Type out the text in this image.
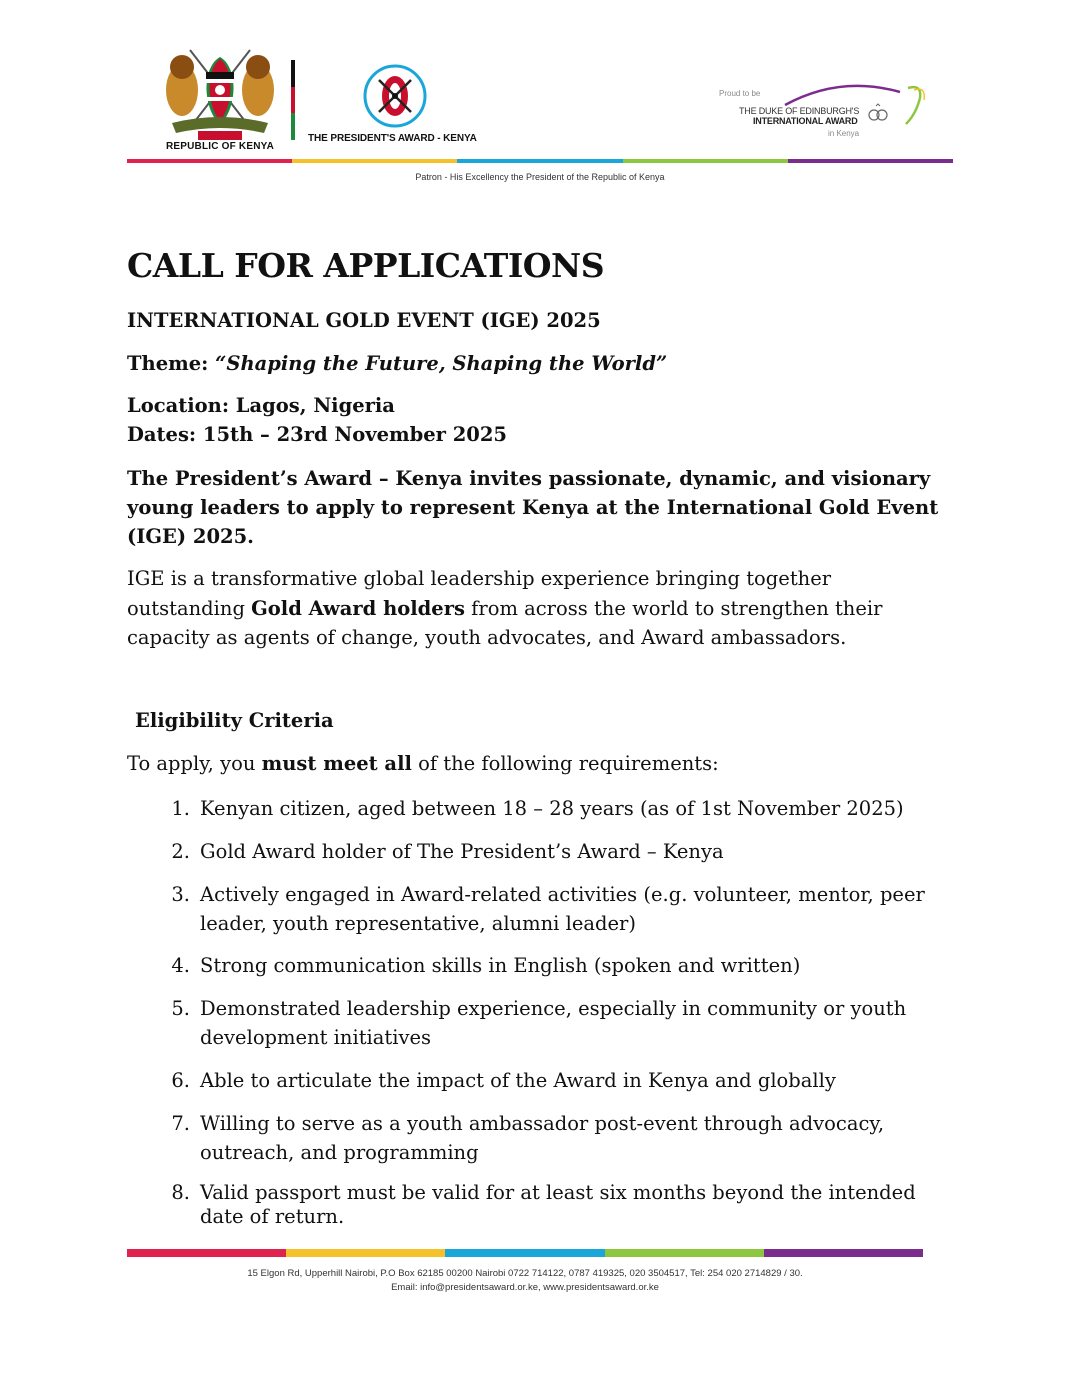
REPUBLIC OF KENYA
THE PRESIDENT'S AWARD - KENYA
Proud to be
THE DUKE OF EDINBURGH'S
INTERNATIONAL AWARD
in Kenya
Patron - His Excellency the President of the Republic of Kenya
CALL FOR APPLICATIONS
INTERNATIONAL GOLD EVENT (IGE) 2025
Theme: “Shaping the Future, Shaping the World”
Location: Lagos, Nigeria
Dates: 15th – 23rd November 2025
The President’s Award – Kenya invites passionate, dynamic, and visionary young leaders to apply to represent Kenya at the International Gold Event (IGE) 2025.
IGE is a transformative global leadership experience bringing together outstanding Gold Award holders from across the world to strengthen their capacity as agents of change, youth advocates, and Award ambassadors.
Eligibility Criteria
To apply, you must meet all of the following requirements:
1. Kenyan citizen, aged between 18 – 28 years (as of 1st November 2025)
2. Gold Award holder of The President’s Award – Kenya
3. Actively engaged in Award-related activities (e.g. volunteer, mentor, peer leader, youth representative, alumni leader)
4. Strong communication skills in English (spoken and written)
5. Demonstrated leadership experience, especially in community or youth development initiatives
6. Able to articulate the impact of the Award in Kenya and globally
7. Willing to serve as a youth ambassador post-event through advocacy, outreach, and programming
8. Valid passport must be valid for at least six months beyond the intended date of return.
15 Elgon Rd, Upperhill Nairobi, P.O Box 62185 00200 Nairobi 0722 714122, 0787 419325, 020 3504517, Tel: 254 020 2714829 / 30.
Email: info@presidentsaward.or.ke, www.presidentsaward.or.ke
